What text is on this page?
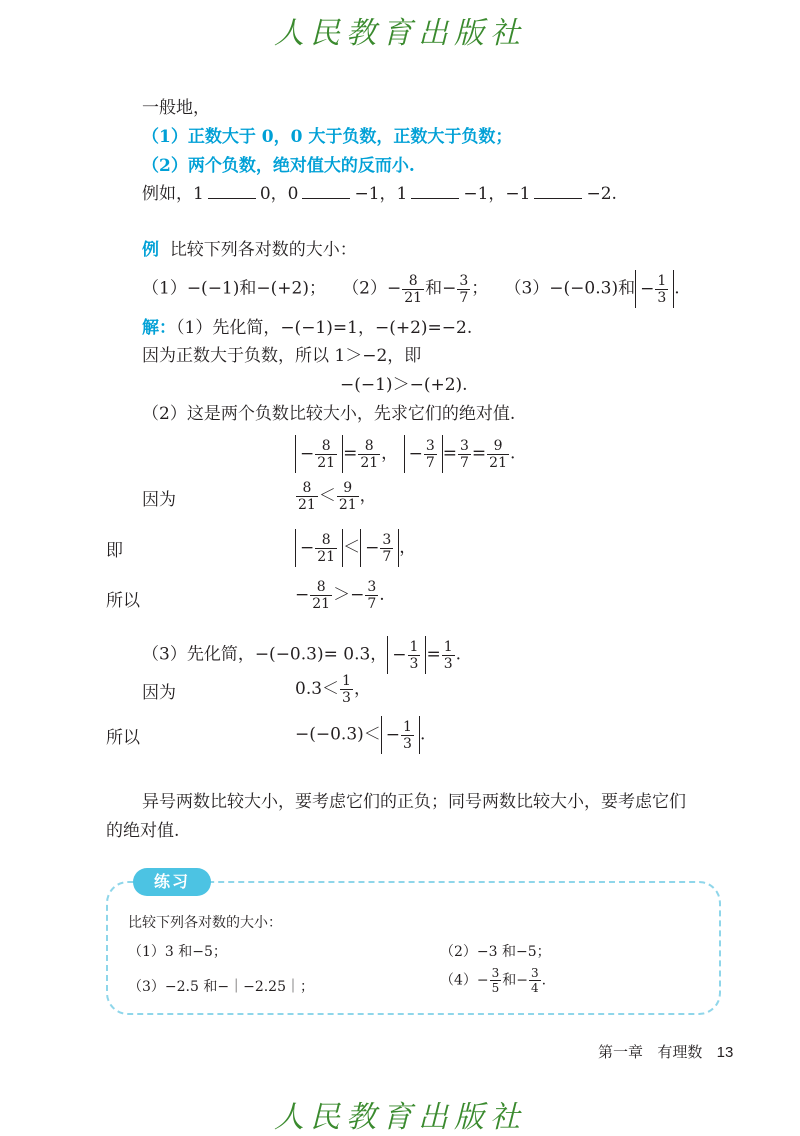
人民教育出版社
一般地，
（1）正数大于 0，0 大于负数，正数大于负数；
（2）两个负数，绝对值大的反而小.
例如，1	0，0	−1，1	−1，−1	−2.
例 比较下列各对数的大小：
（1）−(−1)和−(+2)； $(2)- \frac{8}{21}$ 和− $\frac{3}{7}$ ； （3）−(−0.3)和 − $\frac{1}{3}$ .
解：（1）先化简，−(−1)=1，−(+2)=−2.
因为正数大于负数，所以 1＞−2，即
−(−1)＞−(+2).
（2）这是两个负数比较大小，先求它们的绝对值.
− $\frac{8}{21} = \frac{8}{21}$ ， − $\frac{3}{7} = \frac{3}{7} = \frac{9}{21}$ .
因为	$\frac{8}{21} < \frac{9}{21}$ ，
即	− $\frac{8}{21}$ ＜ − $\frac{3}{7}$ ，
所以	− $\frac{8}{21} >- \frac{3}{7}$ .
（3）先化简，−(−0.3)= 0.3， − $\frac{1}{3} = \frac{1}{3}$ .
因为	$0.3< \frac{1}{3}$ ，
所以	$-(-0.3)< - \frac{1}{3}$ .
异号两数比较大小，要考虑它们的正负；同号两数比较大小，要考虑它们
的绝对值.
练习
比较下列各对数的大小：
（1）3 和−5；	（2）−3 和−5；
（3）−2.5 和−｜−2.25｜；	$(4)- \frac{3}{5}$ 和− $\frac{3}{4}$ .
第一章 有理数 13
人民教育出版社
